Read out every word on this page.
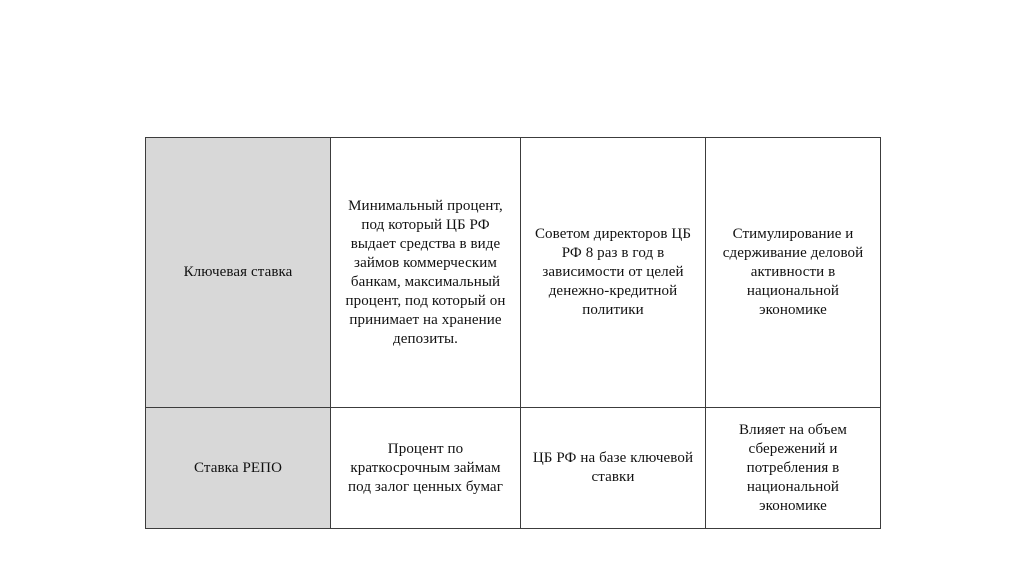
Ключевая ставка	Минимальный процент, под который ЦБ РФ выдает средства в виде займов коммерческим банкам, максимальный процент, под который он принимает на хранение депозиты.	Советом директоров ЦБ РФ 8 раз в год в зависимости от целей денежно-кредитной политики	Стимулирование и сдерживание деловой активности в национальной экономике
Ставка РЕПО	Процент по краткосрочным займам под залог ценных бумаг	ЦБ РФ на базе ключевой ставки	Влияет на объем сбережений и потребления в национальной экономике
